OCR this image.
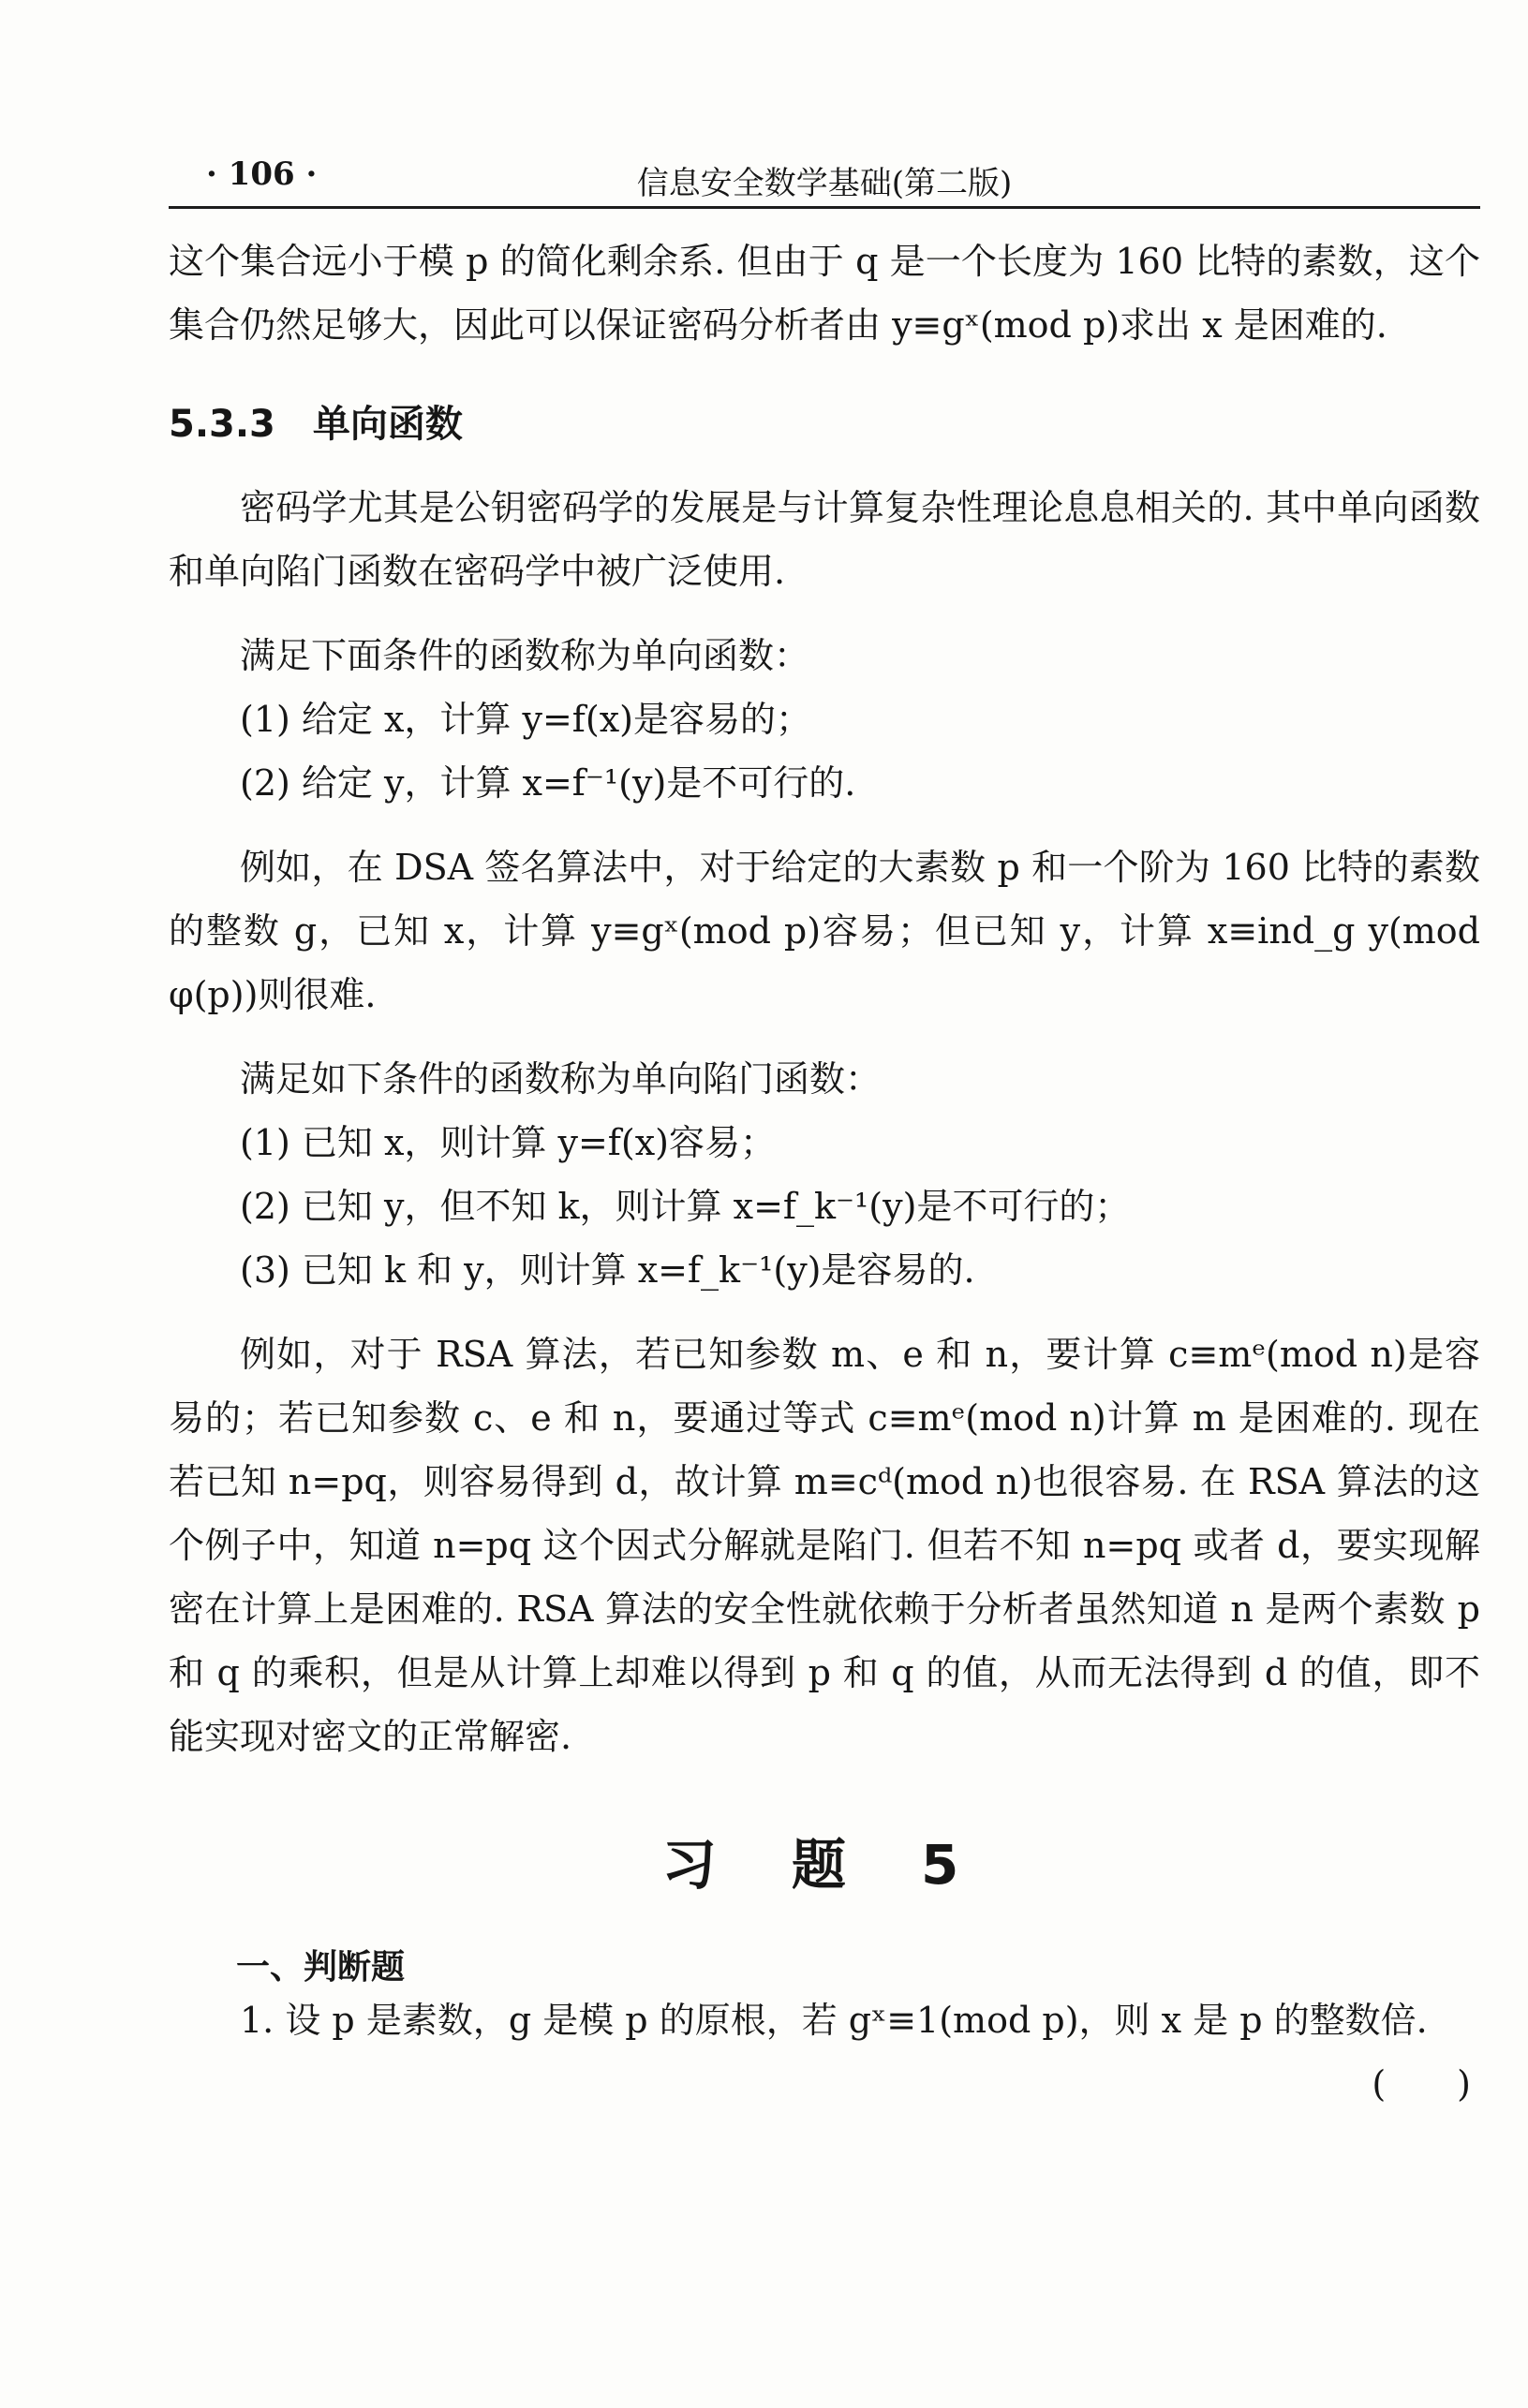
· 106 ·	信息安全数学基础(第二版)

这个集合远小于模 p 的简化剩余系. 但由于 q 是一个长度为 160 比特的素数，这个集合仍然足够大，因此可以保证密码分析者由 y≡gˣ(mod p)求出 x 是困难的.

5.3.3　单向函数

密码学尤其是公钥密码学的发展是与计算复杂性理论息息相关的. 其中单向函数和单向陷门函数在密码学中被广泛使用.

满足下面条件的函数称为单向函数：
(1) 给定 x，计算 y=f(x)是容易的；
(2) 给定 y，计算 x=f⁻¹(y)是不可行的.

例如，在 DSA 签名算法中，对于给定的大素数 p 和一个阶为 160 比特的素数的整数 g，已知 x，计算 y≡gˣ(mod p)容易；但已知 y，计算 x≡ind_g y(mod φ(p))则很难.

满足如下条件的函数称为单向陷门函数：
(1) 已知 x，则计算 y=f(x)容易；
(2) 已知 y，但不知 k，则计算 x=f_k⁻¹(y)是不可行的；
(3) 已知 k 和 y，则计算 x=f_k⁻¹(y)是容易的.

例如，对于 RSA 算法，若已知参数 m、e 和 n，要计算 c≡mᵉ(mod n)是容易的；若已知参数 c、e 和 n，要通过等式 c≡mᵉ(mod n)计算 m 是困难的. 现在若已知 n=pq，则容易得到 d，故计算 m≡cᵈ(mod n)也很容易. 在 RSA 算法的这个例子中，知道 n=pq 这个因式分解就是陷门. 但若不知 n=pq 或者 d，要实现解密在计算上是困难的. RSA 算法的安全性就依赖于分析者虽然知道 n 是两个素数 p 和 q 的乘积，但是从计算上却难以得到 p 和 q 的值，从而无法得到 d 的值，即不能实现对密文的正常解密.

习 题 5
一、判断题
1. 设 p 是素数，g 是模 p 的原根，若 gˣ≡1(mod p)，则 x 是 p 的整数倍.
(　　)
